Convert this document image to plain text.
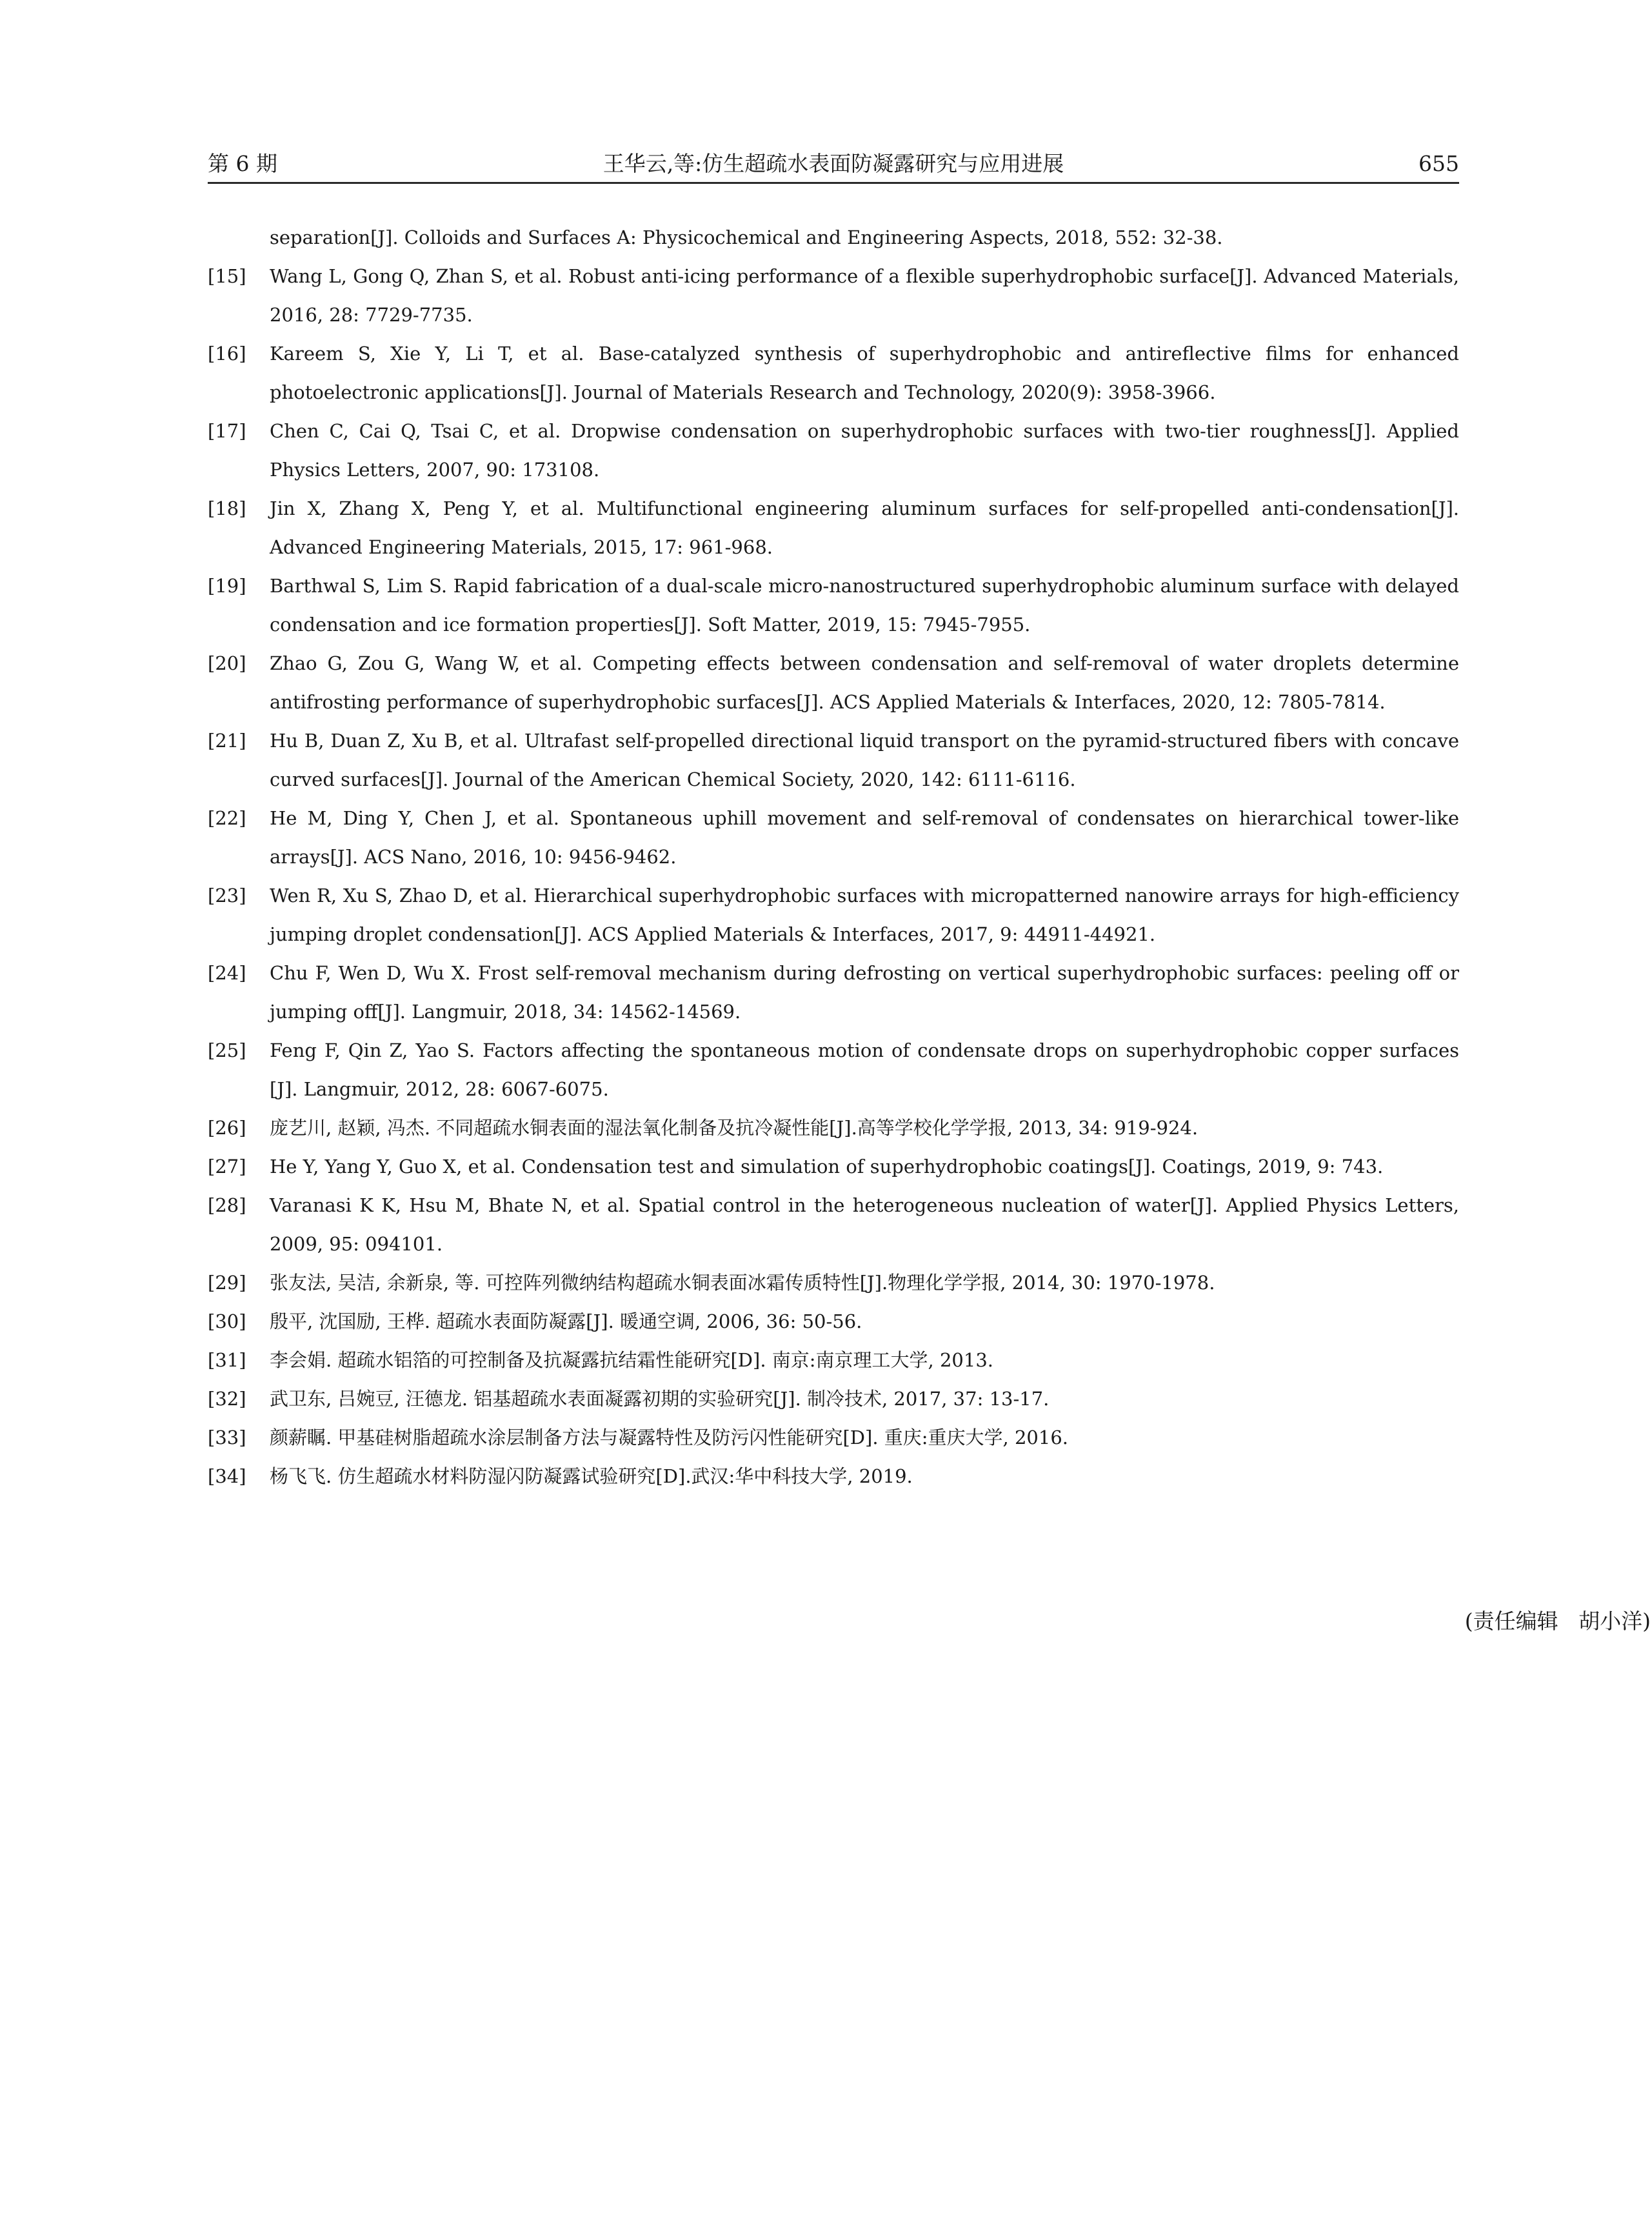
第 6 期	王华云,等:仿生超疏水表面防凝露研究与应用进展	655
separation[J]. Colloids and Surfaces A: Physicochemical and Engineering Aspects, 2018, 552: 32-38.
[15] Wang L, Gong Q, Zhan S, et al. Robust anti-icing performance of a flexible superhydrophobic surface[J]. Advanced Materials, 2016, 28: 7729-7735.
[16] Kareem S, Xie Y, Li T, et al. Base-catalyzed synthesis of superhydrophobic and antireflective films for enhanced photoelectronic applications[J]. Journal of Materials Research and Technology, 2020(9): 3958-3966.
[17] Chen C, Cai Q, Tsai C, et al. Dropwise condensation on superhydrophobic surfaces with two-tier roughness[J]. Applied Physics Letters, 2007, 90: 173108.
[18] Jin X, Zhang X, Peng Y, et al. Multifunctional engineering aluminum surfaces for self-propelled anti-condensation[J]. Advanced Engineering Materials, 2015, 17: 961-968.
[19] Barthwal S, Lim S. Rapid fabrication of a dual-scale micro-nanostructured superhydrophobic aluminum surface with delayed condensation and ice formation properties[J]. Soft Matter, 2019, 15: 7945-7955.
[20] Zhao G, Zou G, Wang W, et al. Competing effects between condensation and self-removal of water droplets determine antifrosting performance of superhydrophobic surfaces[J]. ACS Applied Materials & Interfaces, 2020, 12: 7805-7814.
[21] Hu B, Duan Z, Xu B, et al. Ultrafast self-propelled directional liquid transport on the pyramid-structured fibers with concave curved surfaces[J]. Journal of the American Chemical Society, 2020, 142: 6111-6116.
[22] He M, Ding Y, Chen J, et al. Spontaneous uphill movement and self-removal of condensates on hierarchical tower-like arrays[J]. ACS Nano, 2016, 10: 9456-9462.
[23] Wen R, Xu S, Zhao D, et al. Hierarchical superhydrophobic surfaces with micropatterned nanowire arrays for high-efficiency jumping droplet condensation[J]. ACS Applied Materials & Interfaces, 2017, 9: 44911-44921.
[24] Chu F, Wen D, Wu X. Frost self-removal mechanism during defrosting on vertical superhydrophobic surfaces: peeling off or jumping off[J]. Langmuir, 2018, 34: 14562-14569.
[25] Feng F, Qin Z, Yao S. Factors affecting the spontaneous motion of condensate drops on superhydrophobic copper surfaces [J]. Langmuir, 2012, 28: 6067-6075.
[26] 庞艺川, 赵颖, 冯杰. 不同超疏水铜表面的湿法氧化制备及抗冷凝性能[J].高等学校化学学报, 2013, 34: 919-924.
[27] He Y, Yang Y, Guo X, et al. Condensation test and simulation of superhydrophobic coatings[J]. Coatings, 2019, 9: 743.
[28] Varanasi K K, Hsu M, Bhate N, et al. Spatial control in the heterogeneous nucleation of water[J]. Applied Physics Letters, 2009, 95: 094101.
[29] 张友法, 吴洁, 余新泉, 等. 可控阵列微纳结构超疏水铜表面冰霜传质特性[J].物理化学学报, 2014, 30: 1970-1978.
[30] 殷平, 沈国励, 王桦. 超疏水表面防凝露[J]. 暖通空调, 2006, 36: 50-56.
[31] 李会娟. 超疏水铝箔的可控制备及抗凝露抗结霜性能研究[D]. 南京:南京理工大学, 2013.
[32] 武卫东, 吕婉豆, 汪德龙. 铝基超疏水表面凝露初期的实验研究[J]. 制冷技术, 2017, 37: 13-17.
[33] 颜薪瞩. 甲基硅树脂超疏水涂层制备方法与凝露特性及防污闪性能研究[D]. 重庆:重庆大学, 2016.
[34] 杨飞飞. 仿生超疏水材料防湿闪防凝露试验研究[D].武汉:华中科技大学, 2019.
(责任编辑   胡小洋)
